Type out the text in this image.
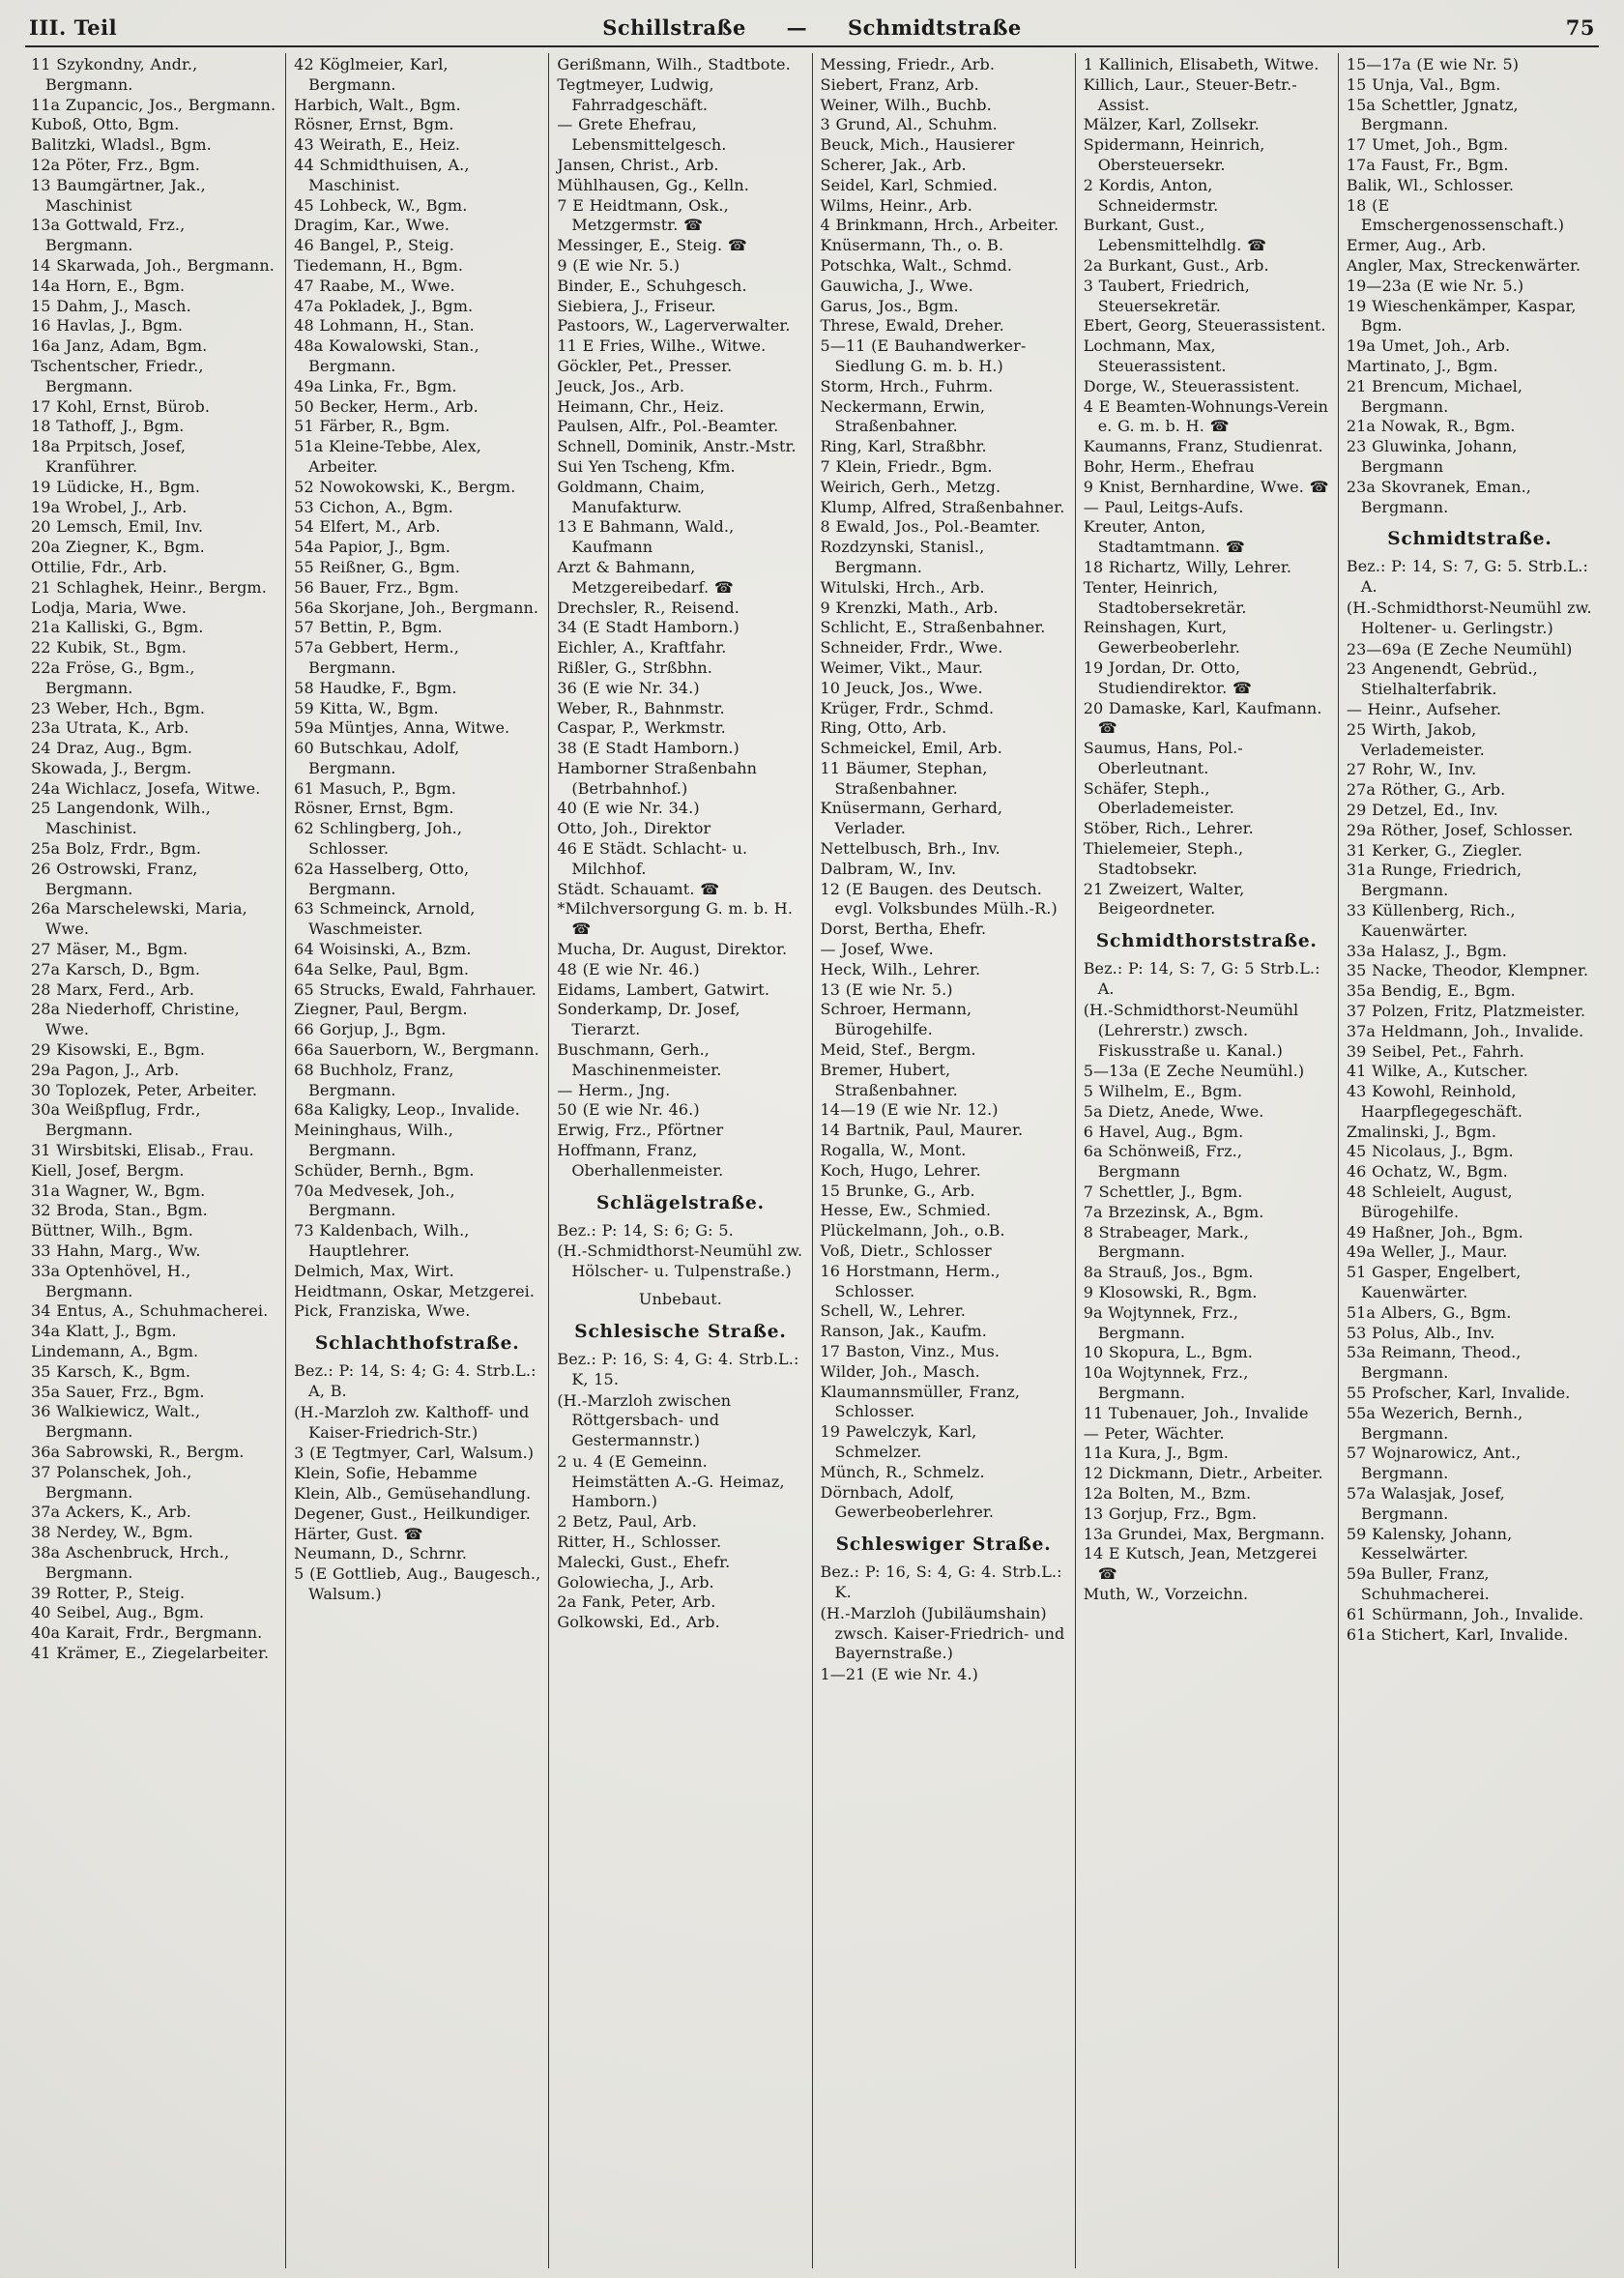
III. Teil	Schillstraße — Schmidtstraße	75

11 Szykondny, Andr., Bergmann.

11a Zupancic, Jos., Bergmann.

Kuboß, Otto, Bgm.

Balitzki, Wladsl., Bgm.

12a Pöter, Frz., Bgm.

13 Baumgärtner, Jak., Maschinist

13a Gottwald, Frz., Bergmann.

14 Skarwada, Joh., Bergmann.

14a Horn, E., Bgm.

15 Dahm, J., Masch.

16 Havlas, J., Bgm.

16a Janz, Adam, Bgm.

Tschentscher, Friedr., Bergmann.

17 Kohl, Ernst, Bürob.

18 Tathoff, J., Bgm.

18a Prpitsch, Josef, Kranführer.

19 Lüdicke, H., Bgm.

19a Wrobel, J., Arb.

20 Lemsch, Emil, Inv.

20a Ziegner, K., Bgm.

Ottilie, Fdr., Arb.

21 Schlaghek, Heinr., Bergm.

Lodja, Maria, Wwe.

21a Kalliski, G., Bgm.

22 Kubik, St., Bgm.

22a Fröse, G., Bgm., Bergmann.

23 Weber, Hch., Bgm.

23a Utrata, K., Arb.

24 Draz, Aug., Bgm.

Skowada, J., Bergm.

24a Wichlacz, Josefa, Witwe.

25 Langendonk, Wilh., Maschinist.

25a Bolz, Frdr., Bgm.

26 Ostrowski, Franz, Bergmann.

26a Marschelewski, Maria, Wwe.

27 Mäser, M., Bgm.

27a Karsch, D., Bgm.

28 Marx, Ferd., Arb.

28a Niederhoff, Christine, Wwe.

29 Kisowski, E., Bgm.

29a Pagon, J., Arb.

30 Toplozek, Peter, Arbeiter.

30a Weißpflug, Frdr., Bergmann.

31 Wirsbitski, Elisab., Frau.

Kiell, Josef, Bergm.

31a Wagner, W., Bgm.

32 Broda, Stan., Bgm.

Büttner, Wilh., Bgm.

33 Hahn, Marg., Ww.

33a Optenhövel, H., Bergmann.

34 Entus, A., Schuhmacherei.

34a Klatt, J., Bgm.

Lindemann, A., Bgm.

35 Karsch, K., Bgm.

35a Sauer, Frz., Bgm.

36 Walkiewicz, Walt., Bergmann.

36a Sabrowski, R., Bergm.

37 Polanschek, Joh., Bergmann.

37a Ackers, K., Arb.

38 Nerdey, W., Bgm.

38a Aschenbruck, Hrch., Bergmann.

39 Rotter, P., Steig.

40 Seibel, Aug., Bgm.

40a Karait, Frdr., Bergmann.

41 Krämer, E., Ziegelarbeiter.

42 Köglmeier, Karl, Bergmann.

Harbich, Walt., Bgm.

Rösner, Ernst, Bgm.

43 Weirath, E., Heiz.

44 Schmidthuisen, A., Maschinist.

45 Lohbeck, W., Bgm.

Dragim, Kar., Wwe.

46 Bangel, P., Steig.

Tiedemann, H., Bgm.

47 Raabe, M., Wwe.

47a Pokladek, J., Bgm.

48 Lohmann, H., Stan.

48a Kowalowski, Stan., Bergmann.

49a Linka, Fr., Bgm.

50 Becker, Herm., Arb.

51 Färber, R., Bgm.

51a Kleine-Tebbe, Alex, Arbeiter.

52 Nowokowski, K., Bergm.

53 Cichon, A., Bgm.

54 Elfert, M., Arb.

54a Papior, J., Bgm.

55 Reißner, G., Bgm.

56 Bauer, Frz., Bgm.

56a Skorjane, Joh., Bergmann.

57 Bettin, P., Bgm.

57a Gebbert, Herm., Bergmann.

58 Haudke, F., Bgm.

59 Kitta, W., Bgm.

59a Müntjes, Anna, Witwe.

60 Butschkau, Adolf, Bergmann.

61 Masuch, P., Bgm.

Rösner, Ernst, Bgm.

62 Schlingberg, Joh., Schlosser.

62a Hasselberg, Otto, Bergmann.

63 Schmeinck, Arnold, Waschmeister.

64 Woisinski, A., Bzm.

64a Selke, Paul, Bgm.

65 Strucks, Ewald, Fahrhauer.

Ziegner, Paul, Bergm.

66 Gorjup, J., Bgm.

66a Sauerborn, W., Bergmann.

68 Buchholz, Franz, Bergmann.

68a Kaligky, Leop., Invalide.

Meininghaus, Wilh., Bergmann.

Schüder, Bernh., Bgm.

70a Medvesek, Joh., Bergmann.

73 Kaldenbach, Wilh., Hauptlehrer.

Delmich, Max, Wirt.

Heidtmann, Oskar, Metzgerei.

Pick, Franziska, Wwe.

Schlachthofstraße.

Bez.: P: 14, S: 4; G: 4. Strb.L.: A, B.

(H.-Marzloh zw. Kalthoff- und Kaiser-Friedrich-Str.)

3 (E Tegtmyer, Carl, Walsum.)

Klein, Sofie, Hebamme

Klein, Alb., Gemüsehandlung.

Degener, Gust., Heilkundiger.

Härter, Gust. ☎

Neumann, D., Schrnr.

5 (E Gottlieb, Aug., Baugesch., Walsum.)

Gerißmann, Wilh., Stadtbote.

Tegtmeyer, Ludwig, Fahrradgeschäft.

— Grete Ehefrau, Lebensmittelgesch.

Jansen, Christ., Arb.

Mühlhausen, Gg., Kelln.

7 E Heidtmann, Osk., Metzgermstr. ☎

Messinger, E., Steig. ☎

9 (E wie Nr. 5.)

Binder, E., Schuhgesch.

Siebiera, J., Friseur.

Pastoors, W., Lagerverwalter.

11 E Fries, Wilhe., Witwe.

Göckler, Pet., Presser.

Jeuck, Jos., Arb.

Heimann, Chr., Heiz.

Paulsen, Alfr., Pol.-Beamter.

Schnell, Dominik, Anstr.-Mstr.

Sui Yen Tscheng, Kfm.

Goldmann, Chaim, Manufakturw.

13 E Bahmann, Wald., Kaufmann

Arzt & Bahmann, Metzgereibedarf. ☎

Drechsler, R., Reisend.

34 (E Stadt Hamborn.)

Eichler, A., Kraftfahr.

Rißler, G., Strßbhn.

36 (E wie Nr. 34.)

Weber, R., Bahnmstr.

Caspar, P., Werkmstr.

38 (E Stadt Hamborn.)

Hamborner Straßenbahn (Betrbahnhof.)

40 (E wie Nr. 34.)

Otto, Joh., Direktor

46 E Städt. Schlacht- u. Milchhof.

Städt. Schauamt. ☎

*Milchversorgung G. m. b. H. ☎

Mucha, Dr. August, Direktor.

48 (E wie Nr. 46.)

Eidams, Lambert, Gatwirt.

Sonderkamp, Dr. Josef, Tierarzt.

Buschmann, Gerh., Maschinenmeister.

— Herm., Jng.

50 (E wie Nr. 46.)

Erwig, Frz., Pförtner

Hoffmann, Franz, Oberhallenmeister.

Schlägelstraße.

Bez.: P: 14, S: 6; G: 5.

(H.-Schmidthorst-Neumühl zw. Hölscher- u. Tulpenstraße.)

Unbebaut.

Schlesische Straße.

Bez.: P: 16, S: 4, G: 4. Strb.L.: K, 15.

(H.-Marzloh zwischen Röttgersbach- und Gestermannstr.)

2 u. 4 (E Gemeinn. Heimstätten A.-G. Heimaz, Hamborn.)

2 Betz, Paul, Arb.

Ritter, H., Schlosser.

Malecki, Gust., Ehefr.

Golowiecha, J., Arb.

2a Fank, Peter, Arb.

Golkowski, Ed., Arb.

Messing, Friedr., Arb.

Siebert, Franz, Arb.

Weiner, Wilh., Buchb.

3 Grund, Al., Schuhm.

Beuck, Mich., Hausierer

Scherer, Jak., Arb.

Seidel, Karl, Schmied.

Wilms, Heinr., Arb.

4 Brinkmann, Hrch., Arbeiter.

Knüsermann, Th., o. B.

Potschka, Walt., Schmd.

Gauwicha, J., Wwe.

Garus, Jos., Bgm.

Threse, Ewald, Dreher.

5—11 (E Bauhandwerker-Siedlung G. m. b. H.)

Storm, Hrch., Fuhrm.

Neckermann, Erwin, Straßenbahner.

Ring, Karl, Straßbhr.

7 Klein, Friedr., Bgm.

Weirich, Gerh., Metzg.

Klump, Alfred, Straßenbahner.

8 Ewald, Jos., Pol.-Beamter.

Rozdzynski, Stanisl., Bergmann.

Witulski, Hrch., Arb.

9 Krenzki, Math., Arb.

Schlicht, E., Straßenbahner.

Schneider, Frdr., Wwe.

Weimer, Vikt., Maur.

10 Jeuck, Jos., Wwe.

Krüger, Frdr., Schmd.

Ring, Otto, Arb.

Schmeickel, Emil, Arb.

11 Bäumer, Stephan, Straßenbahner.

Knüsermann, Gerhard, Verlader.

Nettelbusch, Brh., Inv.

Dalbram, W., Inv.

12 (E Baugen. des Deutsch. evgl. Volksbundes Mülh.-R.)

Dorst, Bertha, Ehefr.

— Josef, Wwe.

Heck, Wilh., Lehrer.

13 (E wie Nr. 5.)

Schroer, Hermann, Bürogehilfe.

Meid, Stef., Bergm.

Bremer, Hubert, Straßenbahner.

14—19 (E wie Nr. 12.)

14 Bartnik, Paul, Maurer.

Rogalla, W., Mont.

Koch, Hugo, Lehrer.

15 Brunke, G., Arb.

Hesse, Ew., Schmied.

Plückelmann, Joh., o.B.

Voß, Dietr., Schlosser

16 Horstmann, Herm., Schlosser.

Schell, W., Lehrer.

Ranson, Jak., Kaufm.

17 Baston, Vinz., Mus.

Wilder, Joh., Masch.

Klaumannsmüller, Franz, Schlosser.

19 Pawelczyk, Karl, Schmelzer.

Münch, R., Schmelz.

Dörnbach, Adolf, Gewerbeoberlehrer.

Schleswiger Straße.

Bez.: P: 16, S: 4, G: 4. Strb.L.: K.

(H.-Marzloh (Jubiläumshain) zwsch. Kaiser-Friedrich- und Bayernstraße.)

1—21 (E wie Nr. 4.)

1 Kallinich, Elisabeth, Witwe.

Killich, Laur., Steuer-Betr.-Assist.

Mälzer, Karl, Zollsekr.

Spidermann, Heinrich, Obersteuersekr.

2 Kordis, Anton, Schneidermstr.

Burkant, Gust., Lebensmittelhdlg. ☎

2a Burkant, Gust., Arb.

3 Taubert, Friedrich, Steuersekretär.

Ebert, Georg, Steuerassistent.

Lochmann, Max, Steuerassistent.

Dorge, W., Steuerassistent.

4 E Beamten-Wohnungs-Verein e. G. m. b. H. ☎

Kaumanns, Franz, Studienrat.

Bohr, Herm., Ehefrau

9 Knist, Bernhardine, Wwe. ☎

— Paul, Leitgs-Aufs.

Kreuter, Anton, Stadtamtmann. ☎

18 Richartz, Willy, Lehrer.

Tenter, Heinrich, Stadtobersekretär.

Reinshagen, Kurt, Gewerbeoberlehr.

19 Jordan, Dr. Otto, Studiendirektor. ☎

20 Damaske, Karl, Kaufmann. ☎

Saumus, Hans, Pol.-Oberleutnant.

Schäfer, Steph., Oberlademeister.

Stöber, Rich., Lehrer.

Thielemeier, Steph., Stadtobsekr.

21 Zweizert, Walter, Beigeordneter.

Schmidthorststraße.

Bez.: P: 14, S: 7, G: 5 Strb.L.: A.

(H.-Schmidthorst-Neumühl (Lehrerstr.) zwsch. Fiskusstraße u. Kanal.)

5—13a (E Zeche Neumühl.)

5 Wilhelm, E., Bgm.

5a Dietz, Anede, Wwe.

6 Havel, Aug., Bgm.

6a Schönweiß, Frz., Bergmann

7 Schettler, J., Bgm.

7a Brzezinsk, A., Bgm.

8 Strabeager, Mark., Bergmann.

8a Strauß, Jos., Bgm.

9 Klosowski, R., Bgm.

9a Wojtynnek, Frz., Bergmann.

10 Skopura, L., Bgm.

10a Wojtynnek, Frz., Bergmann.

11 Tubenauer, Joh., Invalide

— Peter, Wächter.

11a Kura, J., Bgm.

12 Dickmann, Dietr., Arbeiter.

12a Bolten, M., Bzm.

13 Gorjup, Frz., Bgm.

13a Grundei, Max, Bergmann.

14 E Kutsch, Jean, Metzgerei ☎

Muth, W., Vorzeichn.

15—17a (E wie Nr. 5)

15 Unja, Val., Bgm.

15a Schettler, Jgnatz, Bergmann.

17 Umet, Joh., Bgm.

17a Faust, Fr., Bgm.

Balik, Wl., Schlosser.

18 (E Emschergenossenschaft.)

Ermer, Aug., Arb.

Angler, Max, Streckenwärter.

19—23a (E wie Nr. 5.)

19 Wieschenkämper, Kaspar, Bgm.

19a Umet, Joh., Arb.

Martinato, J., Bgm.

21 Brencum, Michael, Bergmann.

21a Nowak, R., Bgm.

23 Gluwinka, Johann, Bergmann

23a Skovranek, Eman., Bergmann.

Schmidtstraße.

Bez.: P: 14, S: 7, G: 5. Strb.L.: A.

(H.-Schmidthorst-Neumühl zw. Holtener- u. Gerlingstr.)

23—69a (E Zeche Neumühl)

23 Angenendt, Gebrüd., Stielhalterfabrik.

— Heinr., Aufseher.

25 Wirth, Jakob, Verlademeister.

27 Rohr, W., Inv.

27a Röther, G., Arb.

29 Detzel, Ed., Inv.

29a Röther, Josef, Schlosser.

31 Kerker, G., Ziegler.

31a Runge, Friedrich, Bergmann.

33 Küllenberg, Rich., Kauenwärter.

33a Halasz, J., Bgm.

35 Nacke, Theodor, Klempner.

35a Bendig, E., Bgm.

37 Polzen, Fritz, Platzmeister.

37a Heldmann, Joh., Invalide.

39 Seibel, Pet., Fahrh.

41 Wilke, A., Kutscher.

43 Kowohl, Reinhold, Haarpflegegeschäft.

Zmalinski, J., Bgm.

45 Nicolaus, J., Bgm.

46 Ochatz, W., Bgm.

48 Schleielt, August, Bürogehilfe.

49 Haßner, Joh., Bgm.

49a Weller, J., Maur.

51 Gasper, Engelbert, Kauenwärter.

51a Albers, G., Bgm.

53 Polus, Alb., Inv.

53a Reimann, Theod., Bergmann.

55 Profscher, Karl, Invalide.

55a Wezerich, Bernh., Bergmann.

57 Wojnarowicz, Ant., Bergmann.

57a Walasjak, Josef, Bergmann.

59 Kalensky, Johann, Kesselwärter.

59a Buller, Franz, Schuhmacherei.

61 Schürmann, Joh., Invalide.

61a Stichert, Karl, Invalide.
